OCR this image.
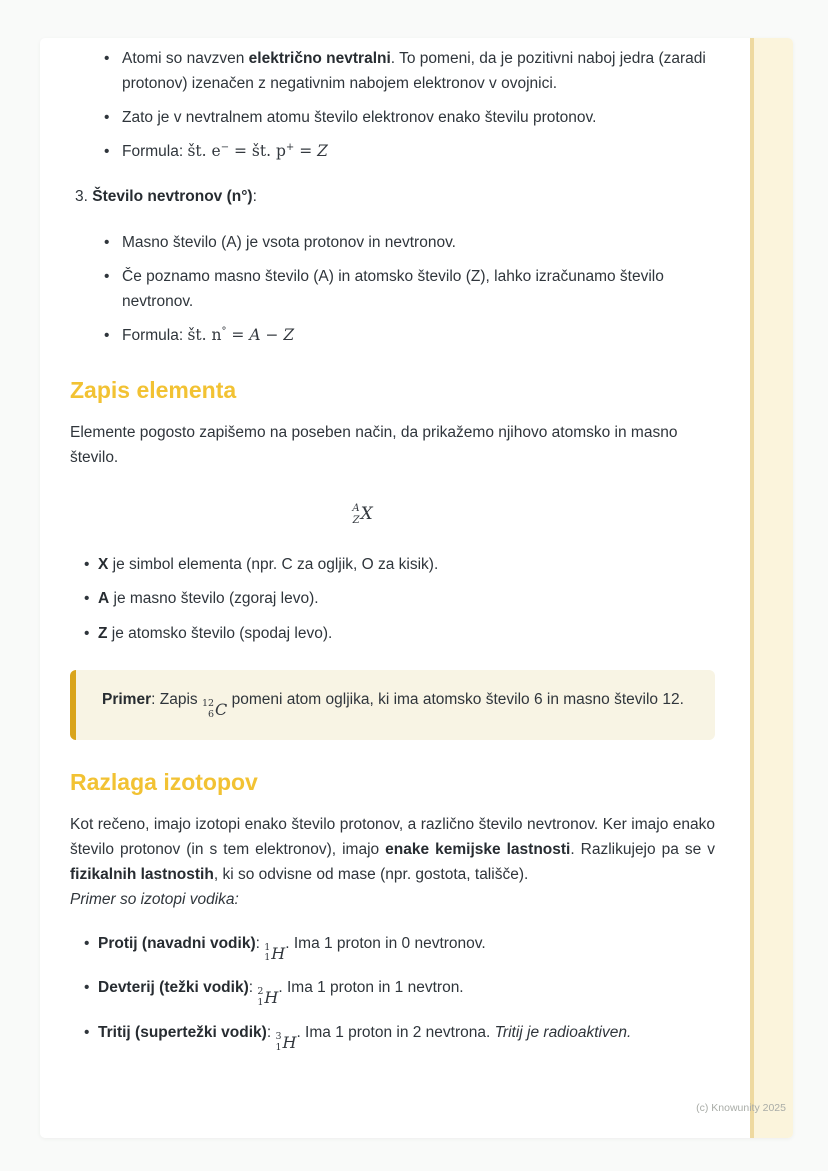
• Atomi so navzven električno nevtralni. To pomeni, da je pozitivni naboj jedra (zaradi protonov) izenačen z negativnim nabojem elektronov v ovojnici.
• Zato je v nevtralnem atomu število elektronov enako številu protonov.
• Formula: št. e− = št. p+ = Z
3. Število nevtronov (n°):
• Masno število (A) je vsota protonov in nevtronov.
• Če poznamo masno število (A) in atomsko število (Z), lahko izračunamo število nevtronov.
• Formula: št. n° = A − Z
Zapis elementa

Elemente pogosto zapišemo na poseben način, da prikažemo njihovo atomsko in masno število.

A
Z X
• X je simbol elementa (npr. C za ogljik, O za kisik).
• A je masno število (zgoraj levo).
• Z je atomsko število (spodaj levo).
Primer: Zapis 12
6 C
pomeni atom ogljika, ki ima atomsko število 6 in masno število 12.
Razlaga izotopov

Kot rečeno, imajo izotopi enako število protonov, a različno število nevtronov. Ker imajo enako število protonov (in s tem elektronov), imajo enake kemijske lastnosti. Razlikujejo pa se v fizikalnih lastnostih, ki so odvisne od mase (npr. gostota, tališče).

Primer so izotopi vodika:

• Protij (navadni vodik): 1
1 H
. Ima 1 proton in 0 nevtronov.
• Devterij (težki vodik): 2
1 H
. Ima 1 proton in 1 nevtron.
• Tritij (supertežki vodik): 3
1 H
. Ima 1 proton in 2 nevtrona. Tritij je radioaktiven.
(c) Knowunity 2025
